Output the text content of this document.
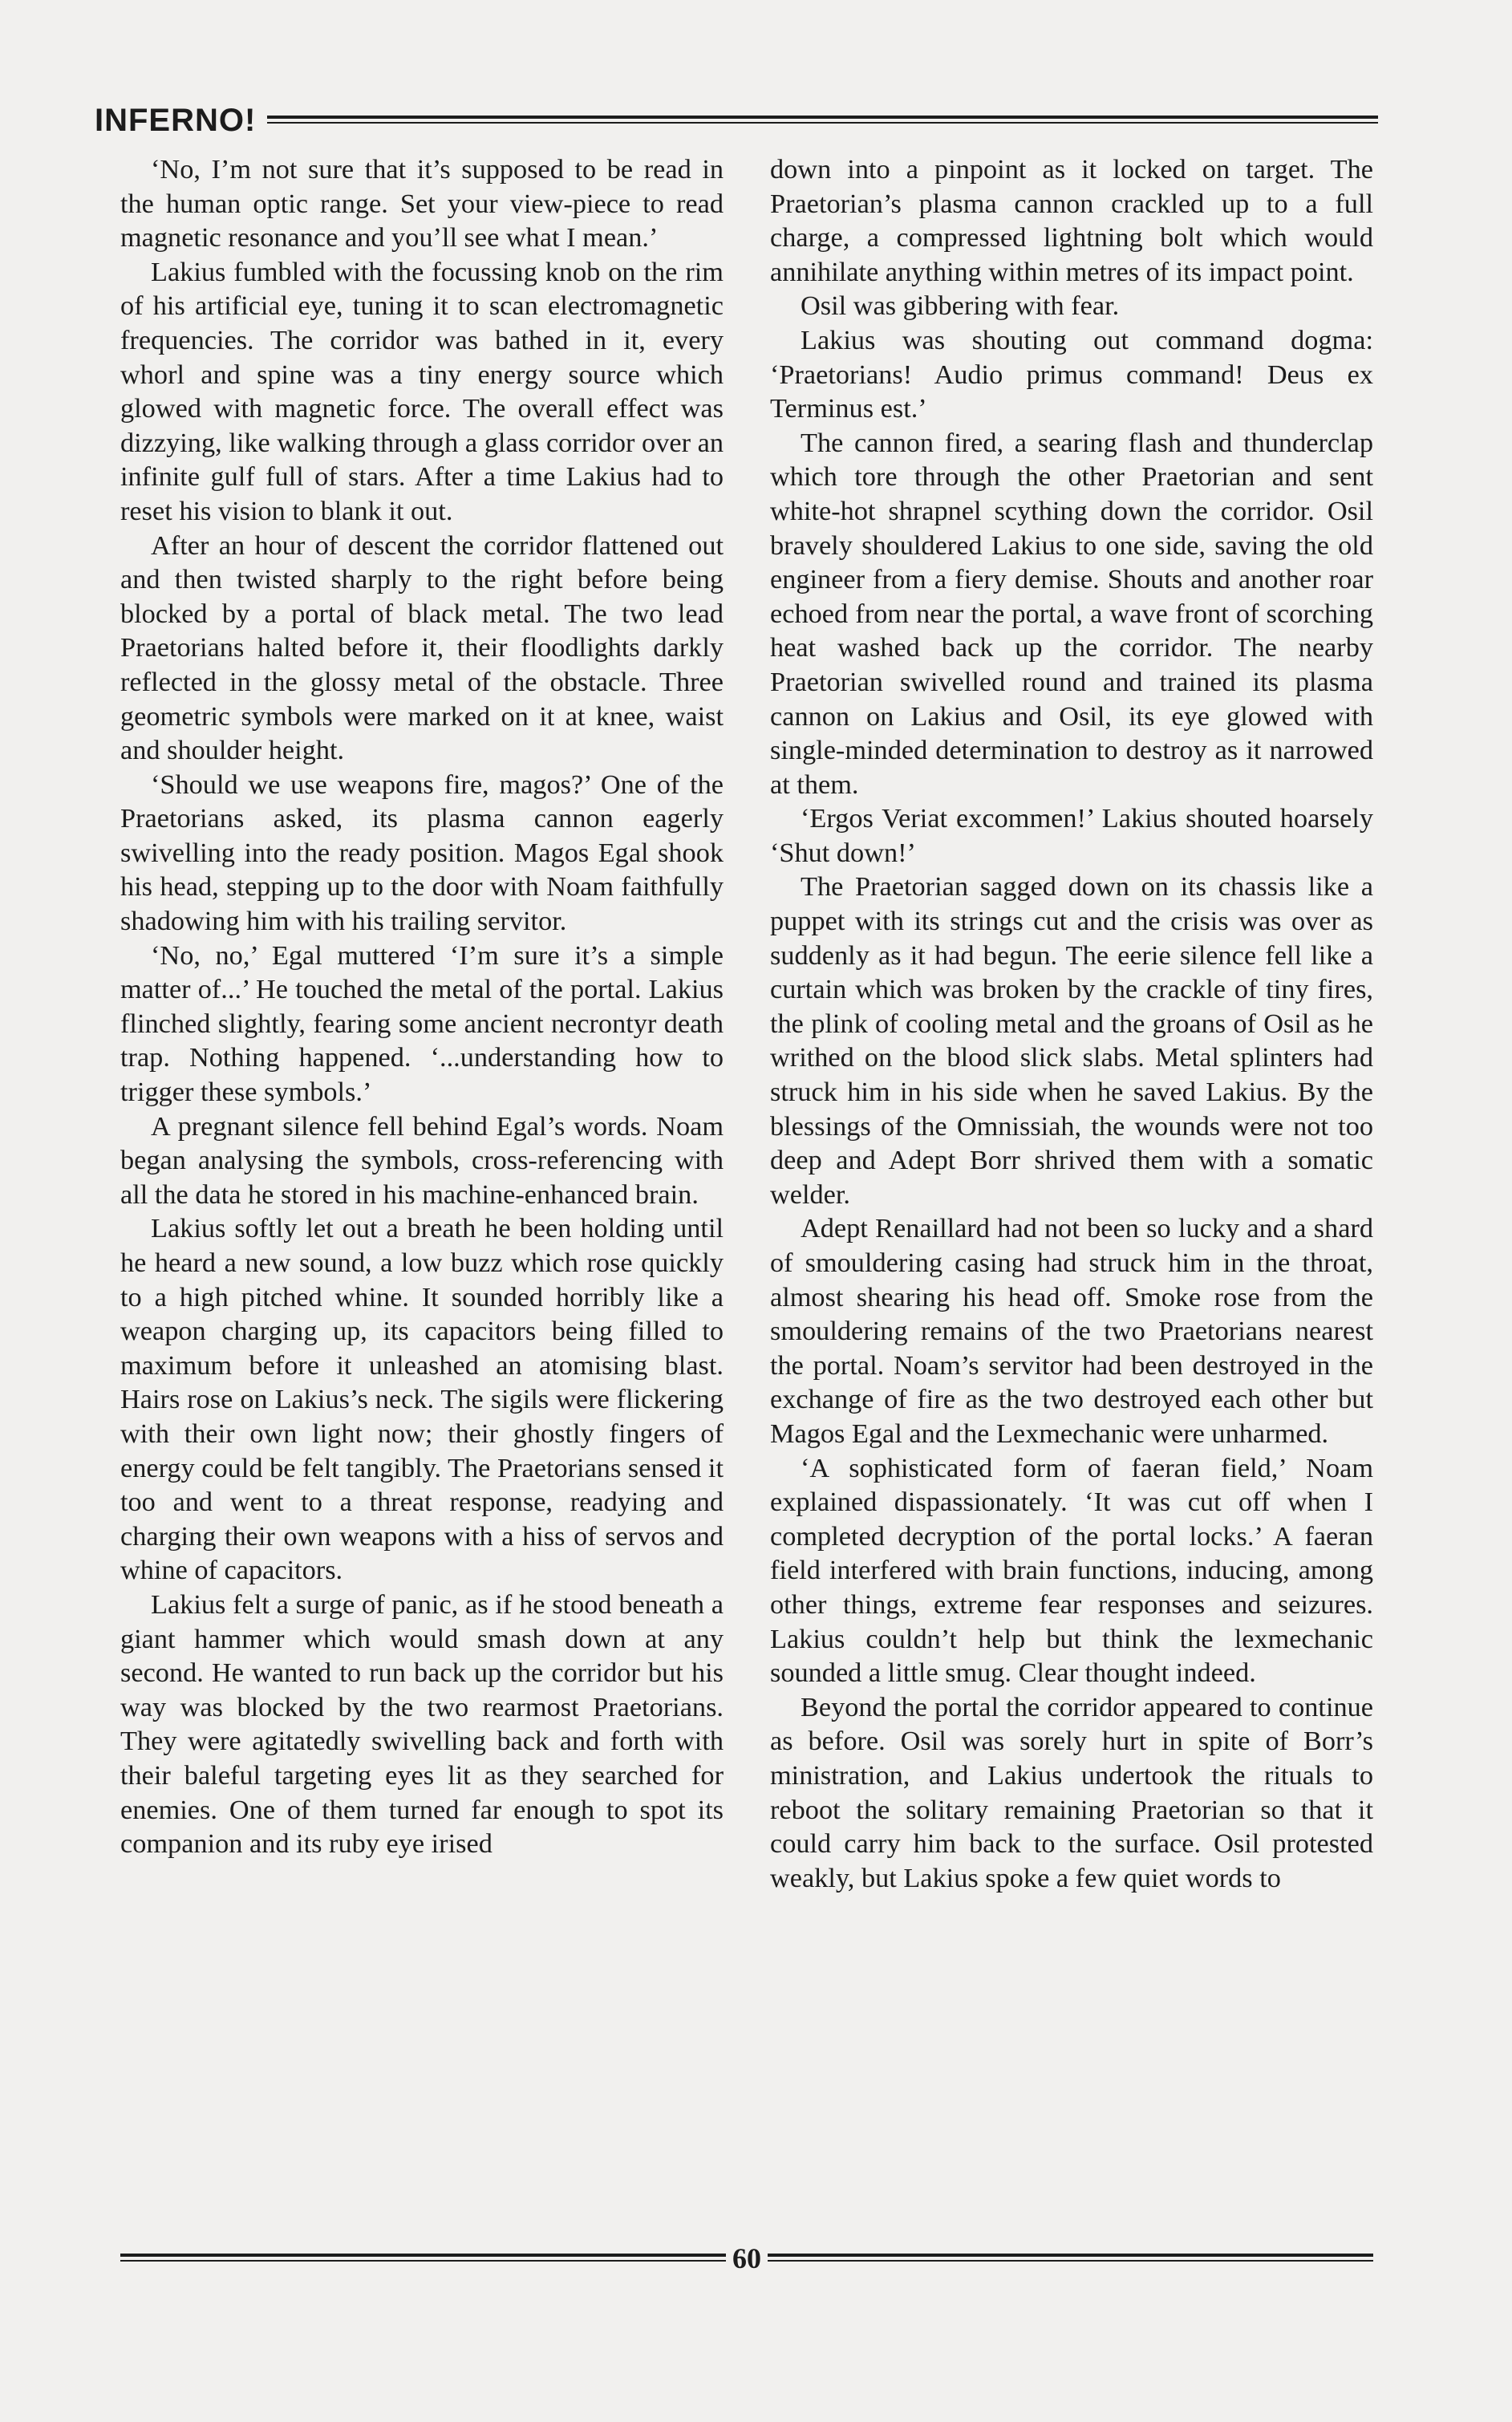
INFERNO!

‘No, I’m not sure that it’s supposed to be read in the human optic range. Set your view-piece to read magnetic resonance and you’ll see what I mean.’

Lakius fumbled with the focussing knob on the rim of his artificial eye, tuning it to scan electromagnetic frequencies. The corridor was bathed in it, every whorl and spine was a tiny energy source which glowed with magnetic force. The overall effect was dizzying, like walking through a glass corridor over an infinite gulf full of stars. After a time Lakius had to reset his vision to blank it out.

After an hour of descent the corridor flattened out and then twisted sharply to the right before being blocked by a portal of black metal. The two lead Praetorians halted before it, their floodlights darkly reflected in the glossy metal of the obstacle. Three geometric symbols were marked on it at knee, waist and shoulder height.

‘Should we use weapons fire, magos?’ One of the Praetorians asked, its plasma cannon eagerly swivelling into the ready position. Magos Egal shook his head, stepping up to the door with Noam faithfully shadowing him with his trailing servitor.

‘No, no,’ Egal muttered ‘I’m sure it’s a simple matter of...’ He touched the metal of the portal. Lakius flinched slightly, fearing some ancient necrontyr death trap. Nothing happened. ‘...understanding how to trigger these symbols.’

A pregnant silence fell behind Egal’s words. Noam began analysing the symbols, cross-referencing with all the data he stored in his machine-enhanced brain.

Lakius softly let out a breath he been holding until he heard a new sound, a low buzz which rose quickly to a high pitched whine. It sounded horribly like a weapon charging up, its capacitors being filled to maximum before it unleashed an atomising blast. Hairs rose on Lakius’s neck. The sigils were flickering with their own light now; their ghostly fingers of energy could be felt tangibly. The Praetorians sensed it too and went to a threat response, readying and charging their own weapons with a hiss of servos and whine of capacitors.

Lakius felt a surge of panic, as if he stood beneath a giant hammer which would smash down at any second. He wanted to run back up the corridor but his way was blocked by the two rearmost Praetorians. They were agitatedly swivelling back and forth with their baleful targeting eyes lit as they searched for enemies. One of them turned far enough to spot its companion and its ruby eye irised

down into a pinpoint as it locked on target. The Praetorian’s plasma cannon crackled up to a full charge, a compressed lightning bolt which would annihilate anything within metres of its impact point.

Osil was gibbering with fear.

Lakius was shouting out command dogma: ‘Praetorians! Audio primus command! Deus ex Terminus est.’

The cannon fired, a searing flash and thunderclap which tore through the other Praetorian and sent white-hot shrapnel scything down the corridor. Osil bravely shouldered Lakius to one side, saving the old engineer from a fiery demise. Shouts and another roar echoed from near the portal, a wave front of scorching heat washed back up the corridor. The nearby Praetorian swivelled round and trained its plasma cannon on Lakius and Osil, its eye glowed with single-minded determination to destroy as it narrowed at them.

‘Ergos Veriat excommen!’ Lakius shouted hoarsely ‘Shut down!’

The Praetorian sagged down on its chassis like a puppet with its strings cut and the crisis was over as suddenly as it had begun. The eerie silence fell like a curtain which was broken by the crackle of tiny fires, the plink of cooling metal and the groans of Osil as he writhed on the blood slick slabs. Metal splinters had struck him in his side when he saved Lakius. By the blessings of the Omnissiah, the wounds were not too deep and Adept Borr shrived them with a somatic welder.

Adept Renaillard had not been so lucky and a shard of smouldering casing had struck him in the throat, almost shearing his head off. Smoke rose from the smouldering remains of the two Praetorians nearest the portal. Noam’s servitor had been destroyed in the exchange of fire as the two destroyed each other but Magos Egal and the Lexmechanic were unharmed.

‘A sophisticated form of faeran field,’ Noam explained dispassionately. ‘It was cut off when I completed decryption of the portal locks.’ A faeran field interfered with brain functions, inducing, among other things, extreme fear responses and seizures. Lakius couldn’t help but think the lexmechanic sounded a little smug. Clear thought indeed.

Beyond the portal the corridor appeared to continue as before. Osil was sorely hurt in spite of Borr’s ministration, and Lakius undertook the rituals to reboot the solitary remaining Praetorian so that it could carry him back to the surface. Osil protested weakly, but Lakius spoke a few quiet words to

60
